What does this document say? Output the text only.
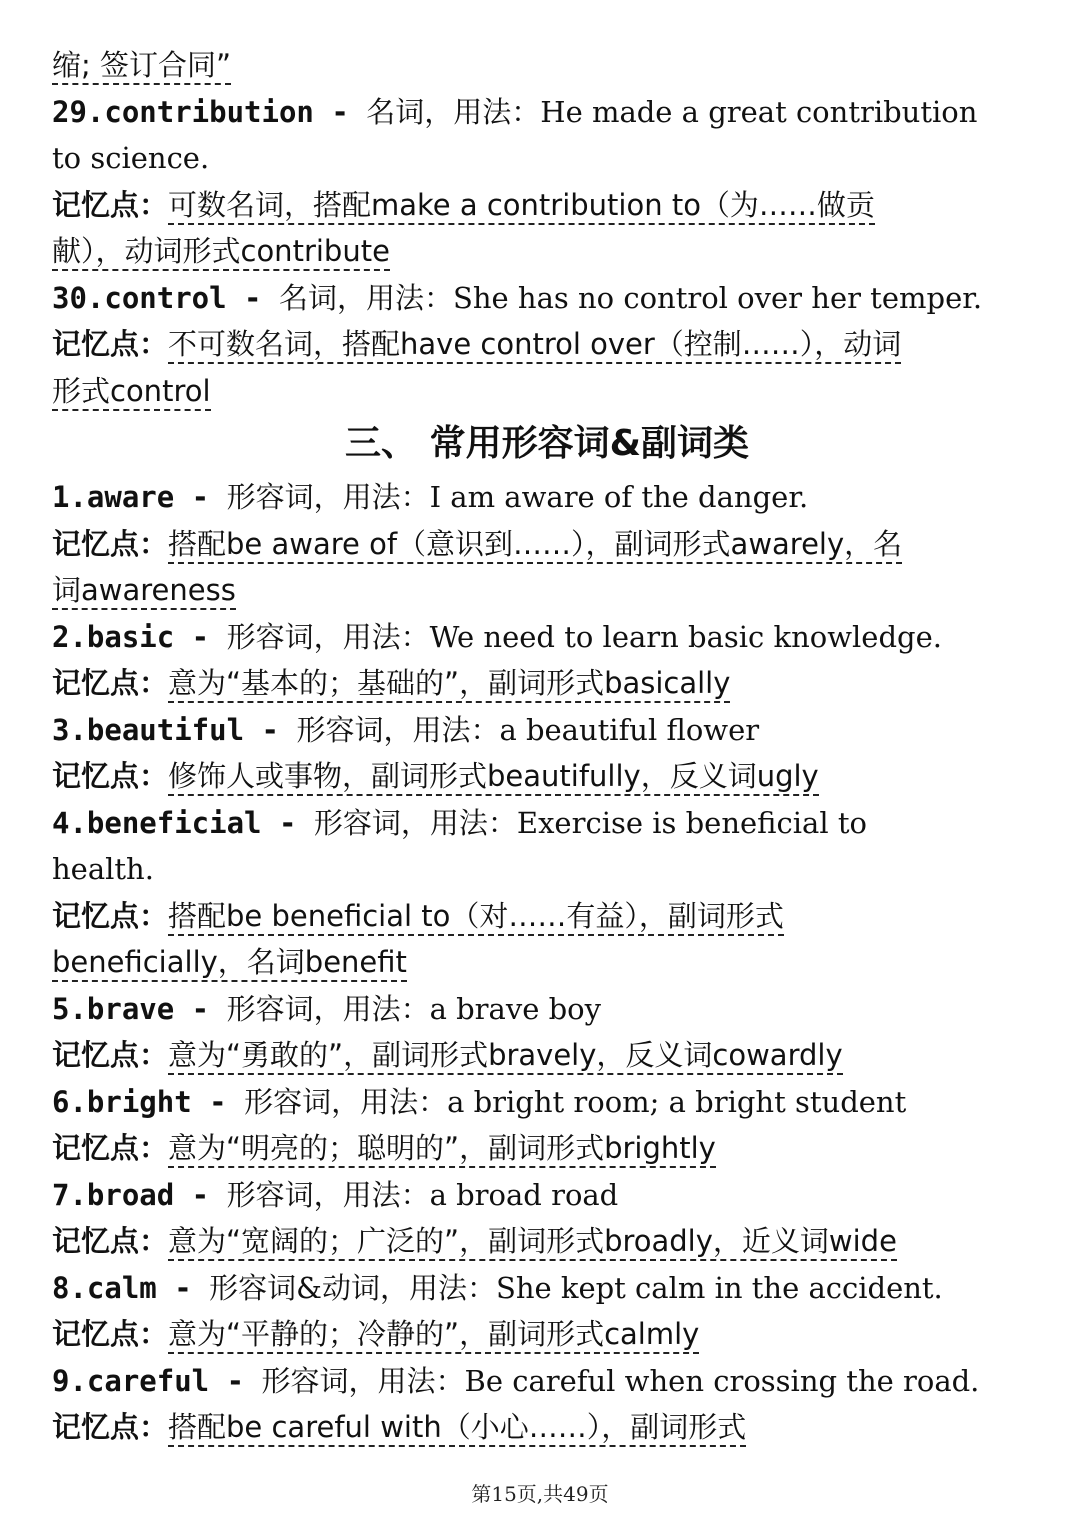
缩; 签订合同”
29.contribution - 名词，用法：He made a great contribution
to science.
记忆点：可数名词，搭配make a contribution to（为……做贡
献），动词形式contribute
30.control - 名词，用法：She has no control over her temper.
记忆点：不可数名词，搭配have control over（控制……），动词
形式control
三、 常用形容词&副词类
1.aware - 形容词，用法：I am aware of the danger.
记忆点：搭配be aware of（意识到……），副词形式awarely，名
词awareness
2.basic - 形容词，用法：We need to learn basic knowledge.
记忆点：意为“基本的；基础的”，副词形式basically
3.beautiful - 形容词，用法：a beautiful flower
记忆点：修饰人或事物，副词形式beautifully，反义词ugly
4.beneficial - 形容词，用法：Exercise is beneficial to
health.
记忆点：搭配be beneficial to（对……有益），副词形式
beneficially，名词benefit
5.brave - 形容词，用法：a brave boy
记忆点：意为“勇敢的”，副词形式bravely，反义词cowardly
6.bright - 形容词，用法：a bright room; a bright student
记忆点：意为“明亮的；聪明的”，副词形式brightly
7.broad - 形容词，用法：a broad road
记忆点：意为“宽阔的；广泛的”，副词形式broadly，近义词wide
8.calm - 形容词&动词，用法：She kept calm in the accident.
记忆点：意为“平静的；冷静的”，副词形式calmly
9.careful - 形容词，用法：Be careful when crossing the road.
记忆点：搭配be careful with（小心……），副词形式
第15页,共49页
